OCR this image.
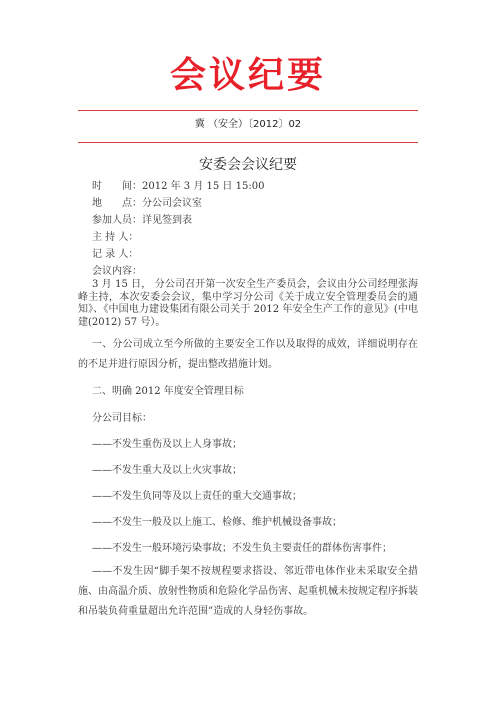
会议纪要
冀 （安全）〔2012〕02
安委会会议纪要
时　　间：2012 年 3 月 15 日 15:00
地　　点：分公司会议室
参加人员：详见签到表
主 持 人：
记 录 人：
会议内容：
3 月 15 日， 分公司召开第一次安全生产委员会，会议由分公司经理张海峰主持，本次安委会会议，集中学习分公司《关于成立安全管理委员会的通知》、《中国电力建设集团有限公司关于 2012 年安全生产工作的意见》(中电建(2012) 57 号）。
一、分公司成立至今所做的主要安全工作以及取得的成效，详细说明存在的不足并进行原因分析，提出整改措施计划。
二、明确 2012 年度安全管理目标
分公司目标：
——不发生重伤及以上人身事故；
——不发生重大及以上火灾事故；
——不发生负同等及以上责任的重大交通事故；
——不发生一般及以上施工、检修、维护机械设备事故；
——不发生一般环境污染事故；不发生负主要责任的群体伤害事件；
——不发生因“脚手架不按规程要求搭设、邻近带电体作业未采取安全措施、由高温介质、放射性物质和危险化学品伤害、起重机械未按规定程序拆装和吊装负荷重量超出允许范围”造成的人身轻伤事故。
